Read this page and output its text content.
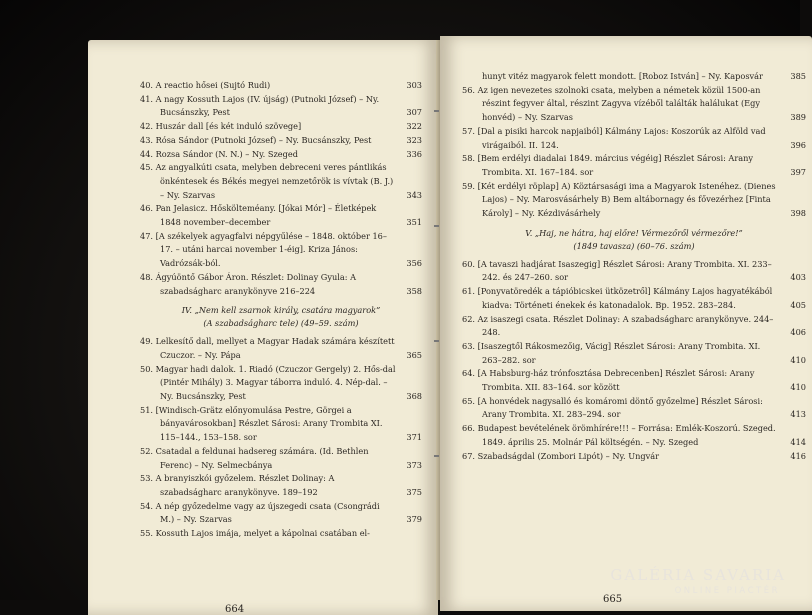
40. A reactio hősei (Sujtó Rudi)	303
41. A nagy Kossuth Lajos (IV. újság) (Putnoki József) – Ny. Bucsánszky, Pest	307
42. Huszár dall [és két induló szövege]	322
43. Rósa Sándor (Putnoki József) – Ny. Bucsánszky, Pest	323
44. Rozsa Sándor (N. N.) – Ny. Szeged	336
45. Az angyalkúti csata, melyben debreceni veres pántlikás önkéntesek és Békés megyei nemzetőrök is vívtak (B. J.) – Ny. Szarvas	343
46. Pan Jelasicz. Hőskölteméany. [Jókai Mór] – Életképek 1848 november–december	351
47. [A székelyek agyagfalvi népgyűlése – 1848. október 16–17. – utáni harcai november 1-éig]. Kriza János: Vadrózsák-ból.	356
48. Ágyúöntő Gábor Áron. Részlet: Dolinay Gyula: A szabadságharc aranykönyve 216–224	358
IV. „Nem kell zsarnok király, csatára magyarok”
(A szabadságharc tele) (49–59. szám)
49. Lelkesítő dall, mellyet a Magyar Hadak számára készített Czuczor. – Ny. Pápa	365
50. Magyar hadi dalok. 1. Riadó (Czuczor Gergely) 2. Hős-dal (Pintér Mihály) 3. Magyar táborra induló. 4. Nép-dal. – Ny. Bucsánszky, Pest	368
51. [Windisch-Grätz előnyomulása Pestre, Görgei a bányavárosokban] Részlet Sárosi: Arany Trombita XI. 115–144., 153–158. sor	371
52. Csatadal a feldunai hadsereg számára. (Id. Bethlen Ferenc) – Ny. Selmecbánya	373
53. A branyiszkói győzelem. Részlet Dolinay: A szabadságharc aranykönyve. 189–192	375
54. A nép győzedelme vagy az újszegedi csata (Csongrádi M.) – Ny. Szarvas	379
55. Kossuth Lajos imája, melyet a kápolnai csatában el-
664
hunyt vitéz magyarok felett mondott. [Roboz István] – Ny. Kaposvár	385
56. Az igen nevezetes szolnoki csata, melyben a németek közül 1500-an részint fegyver által, részint Zagyva vízéből találták halálukat (Egy honvéd) – Ny. Szarvas	389
57. [Dal a pisiki harcok napjaiból] Kálmány Lajos: Koszorúk az Alföld vad virágaiból. II. 124.	396
58. [Bem erdélyi diadalai 1849. március végéig] Részlet Sárosi: Arany Trombita. XI. 167–184. sor	397
59. [Két erdélyi röplap] A) Köztársasági ima a Magyarok Istenéhez. (Dienes Lajos) – Ny. Marosvásárhely B) Bem altábornagy és fővezérhez [Finta Károly] – Ny. Kézdivásárhely	398
V. „Haj, ne hátra, haj előre! Vérmezőről vérmezőre!”
(1849 tavasza) (60–76. szám)
60. [A tavaszi hadjárat Isaszegig] Részlet Sárosi: Arany Trombita. XI. 233–242. és 247–260. sor	403
61. [Ponyvatöredék a tápióbicskei ütközetről] Kálmány Lajos hagyatékából kiadva: Történeti énekek és katonadalok. Bp. 1952. 283–284.	405
62. Az isaszegi csata. Részlet Dolinay: A szabadságharc aranykönyve. 244–248.	406
63. [Isaszegtől Rákosmezőig, Vácig] Részlet Sárosi: Arany Trombita. XI. 263–282. sor	410
64. [A Habsburg-ház trónfosztása Debrecenben] Részlet Sárosi: Arany Trombita. XII. 83–164. sor között	410
65. [A honvédek nagysalló és komáromi döntő győzelme] Részlet Sárosi: Arany Trombita. XI. 283–294. sor	413
66. Budapest bevételének örömhírére!!! – Forrása: Emlék-Koszorú. Szeged. 1849. április 25. Molnár Pál költségén. – Ny. Szeged	414
67. Szabadságdal (Zombori Lipót) – Ny. Ungvár	416
665
GALÉRIA SAVARIA
ONLINE PIACTÉR
